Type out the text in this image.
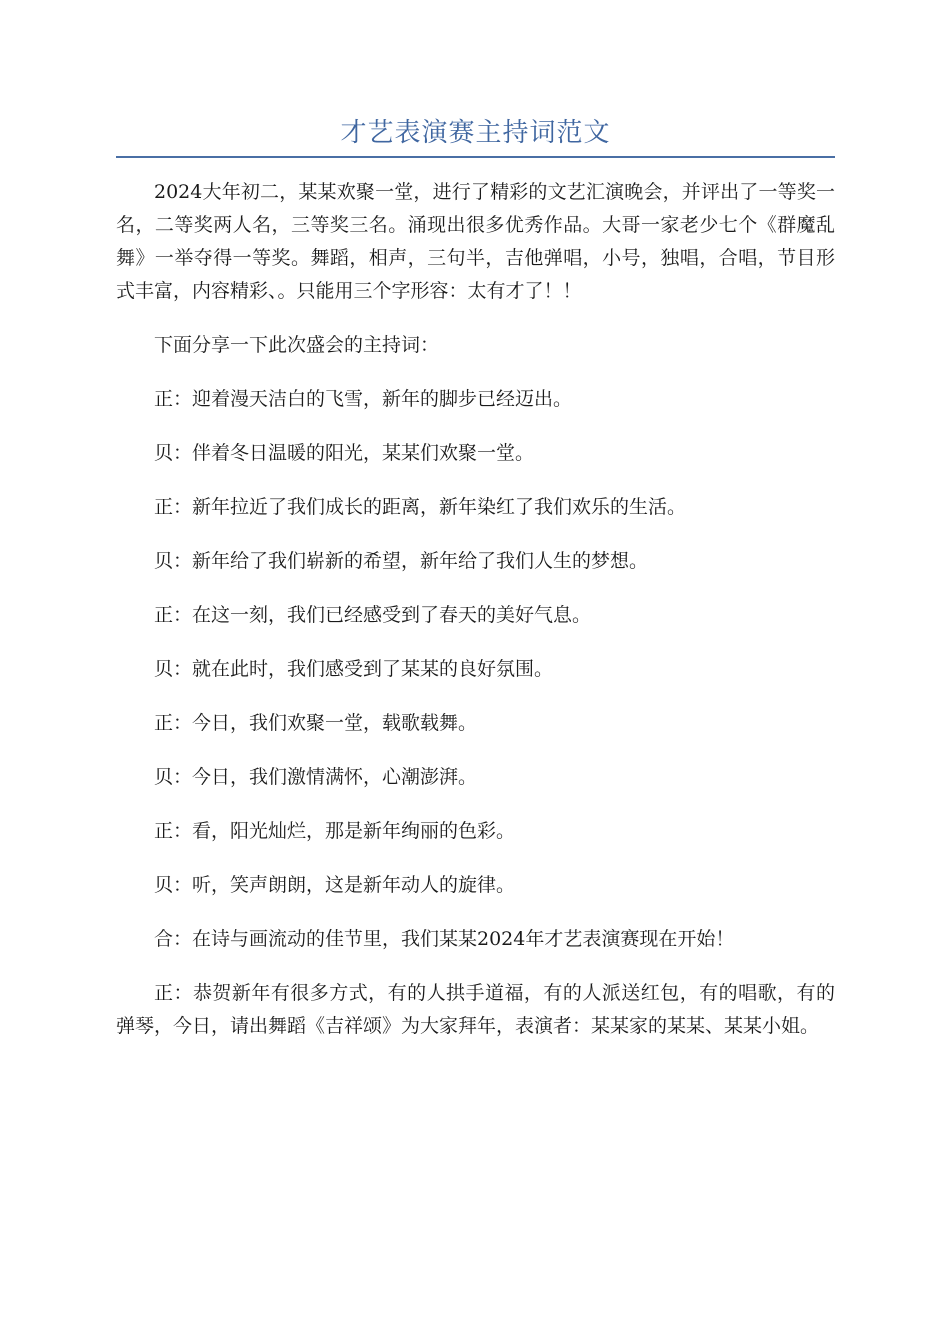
才艺表演赛主持词范文

2024大年初二，某某欢聚一堂，进行了精彩的文艺汇演晚会，并评出了一等奖一名，二等奖两人名，三等奖三名。涌现出很多优秀作品。大哥一家老少七个《群魔乱舞》一举夺得一等奖。舞蹈，相声，三句半，吉他弹唱，小号，独唱，合唱，节目形式丰富，内容精彩、。只能用三个字形容：太有才了！！

下面分享一下此次盛会的主持词：

正：迎着漫天洁白的飞雪，新年的脚步已经迈出。

贝：伴着冬日温暖的阳光，某某们欢聚一堂。

正：新年拉近了我们成长的距离，新年染红了我们欢乐的生活。

贝：新年给了我们崭新的希望，新年给了我们人生的梦想。

正：在这一刻，我们已经感受到了春天的美好气息。

贝：就在此时，我们感受到了某某的良好氛围。

正：今日，我们欢聚一堂，载歌载舞。

贝：今日，我们激情满怀，心潮澎湃。

正：看，阳光灿烂，那是新年绚丽的色彩。

贝：听，笑声朗朗，这是新年动人的旋律。

合：在诗与画流动的佳节里，我们某某2024年才艺表演赛现在开始！

正：恭贺新年有很多方式，有的人拱手道福，有的人派送红包，有的唱歌，有的弹琴，今日，请出舞蹈《吉祥颂》为大家拜年，表演者：某某家的某某、某某小姐。
